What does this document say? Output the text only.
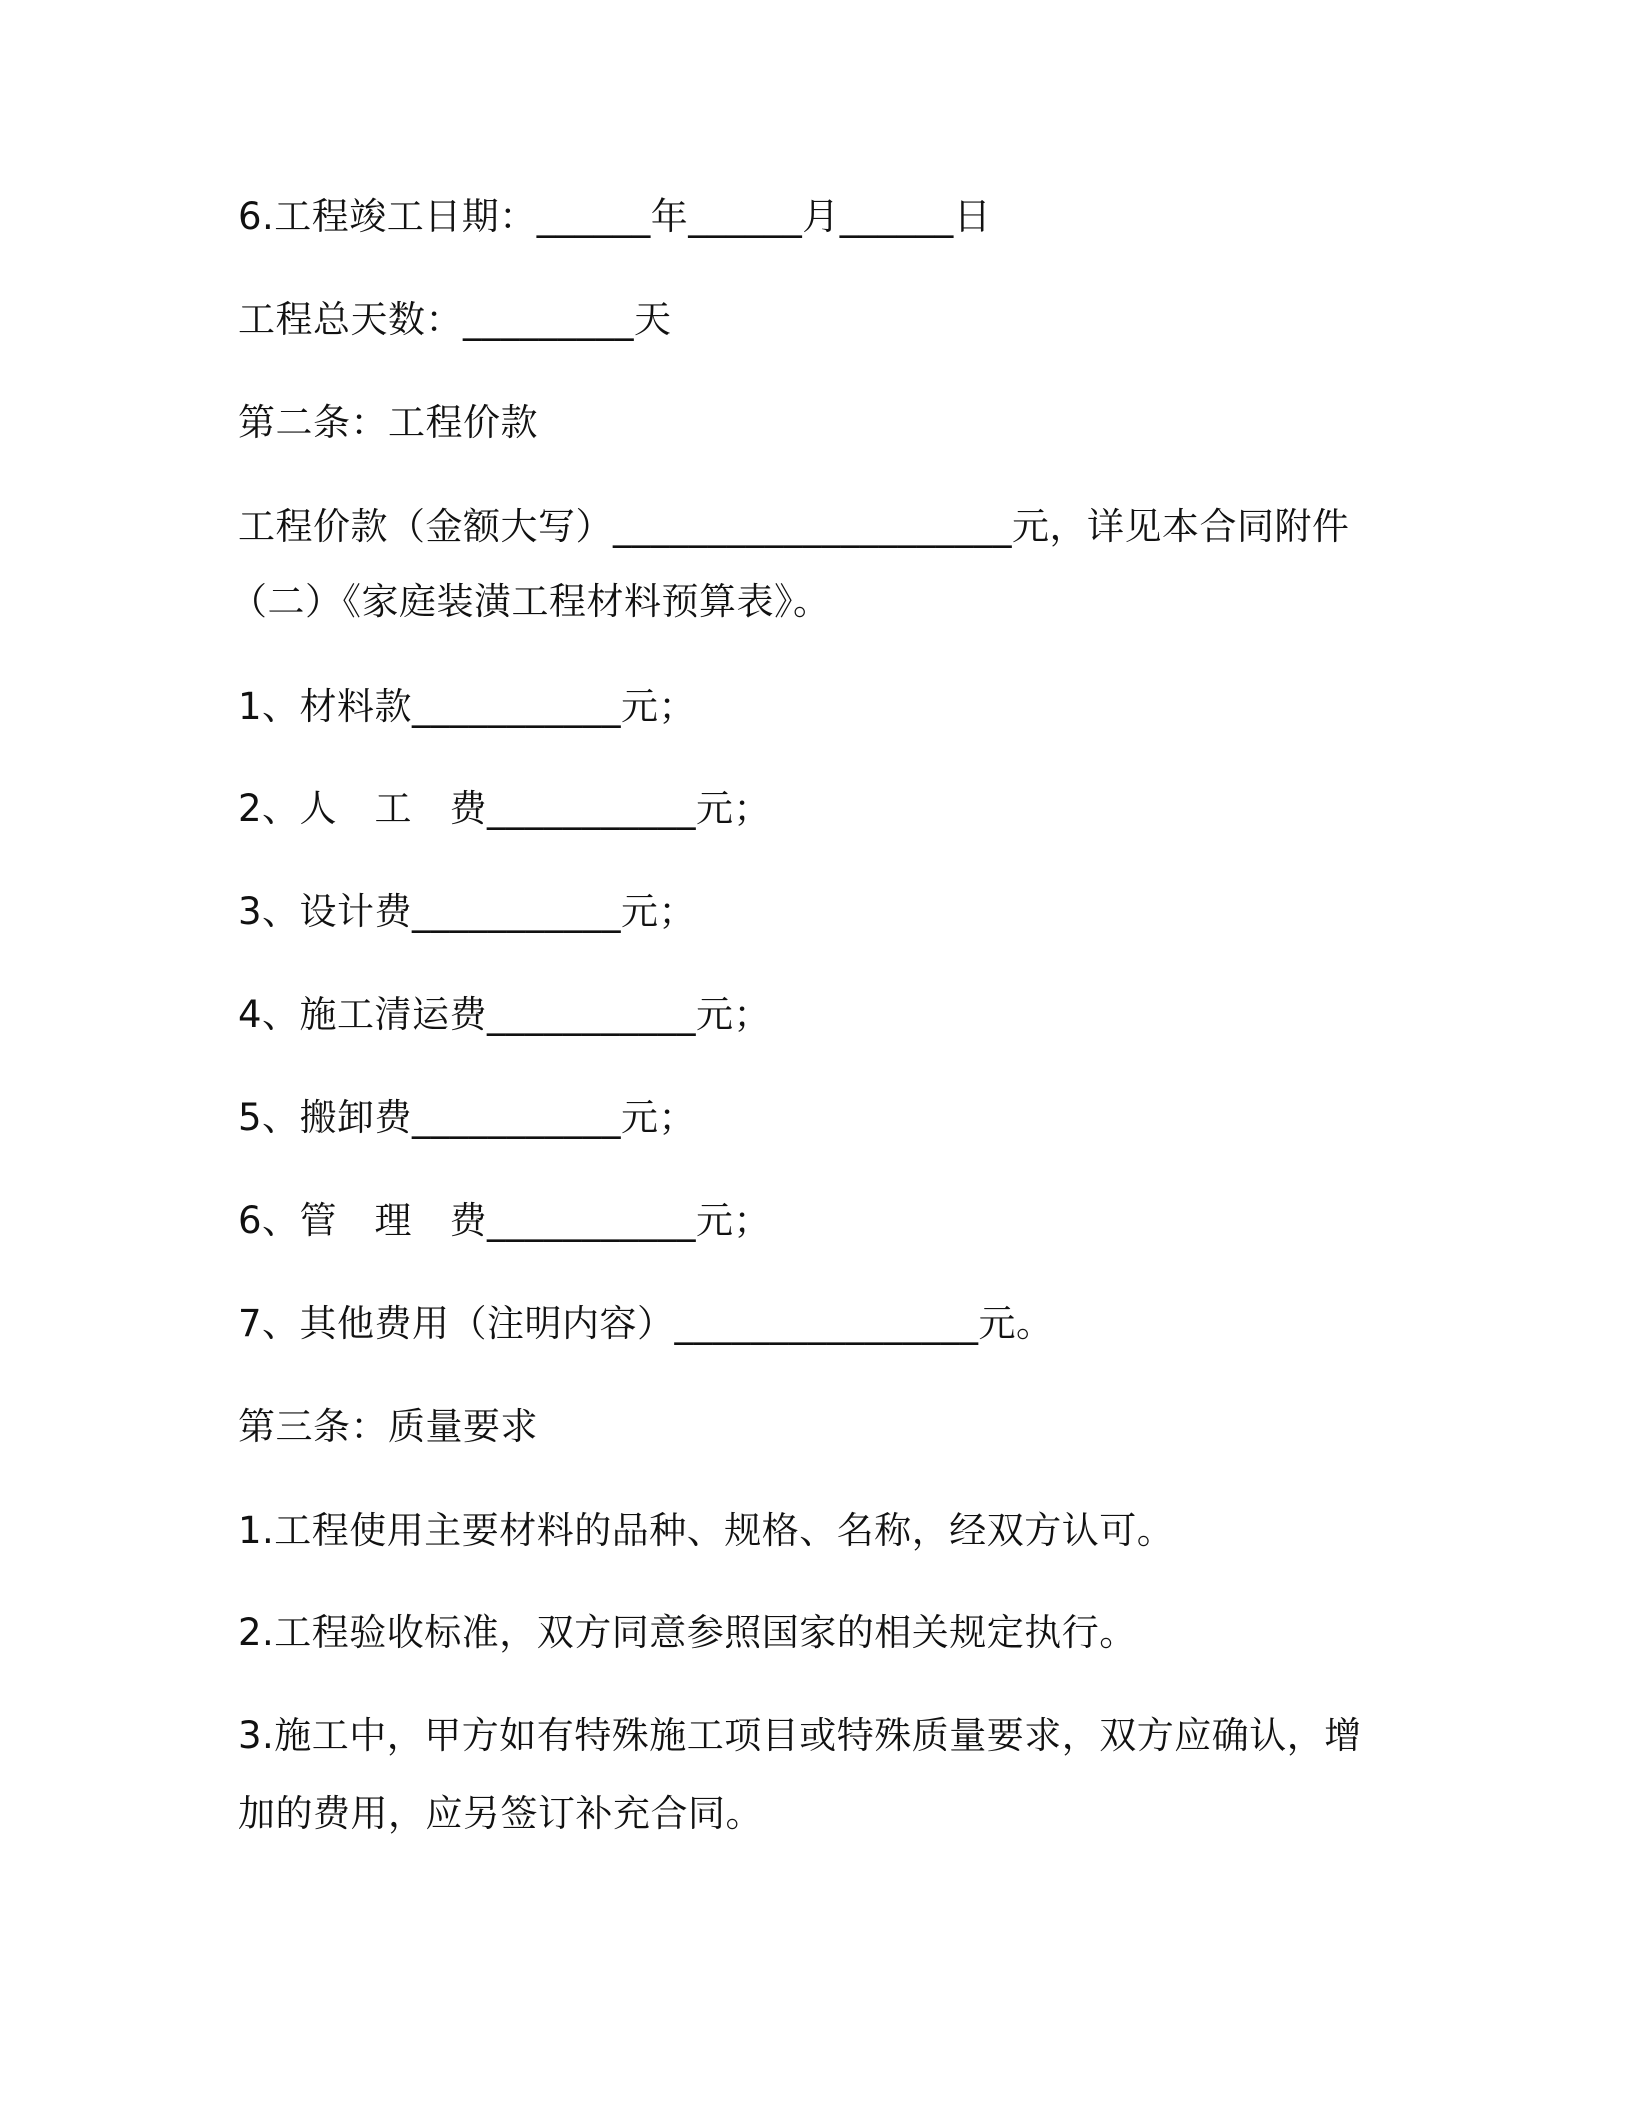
6.工程竣工日期：______年______月______日
工程总天数：_________天
第二条：工程价款
工程价款（金额大写）_____________________元，详见本合同附件
（二）《家庭装潢工程材料预算表》。
1、材料款___________元；
2、人　工　费___________元；
3、设计费___________元；
4、施工清运费___________元；
5、搬卸费___________元；
6、管　理　费___________元；
7、其他费用（注明内容）________________元。
第三条：质量要求
1.工程使用主要材料的品种、规格、名称，经双方认可。
2.工程验收标准，双方同意参照国家的相关规定执行。
3.施工中，甲方如有特殊施工项目或特殊质量要求，双方应确认，增
加的费用，应另签订补充合同。
